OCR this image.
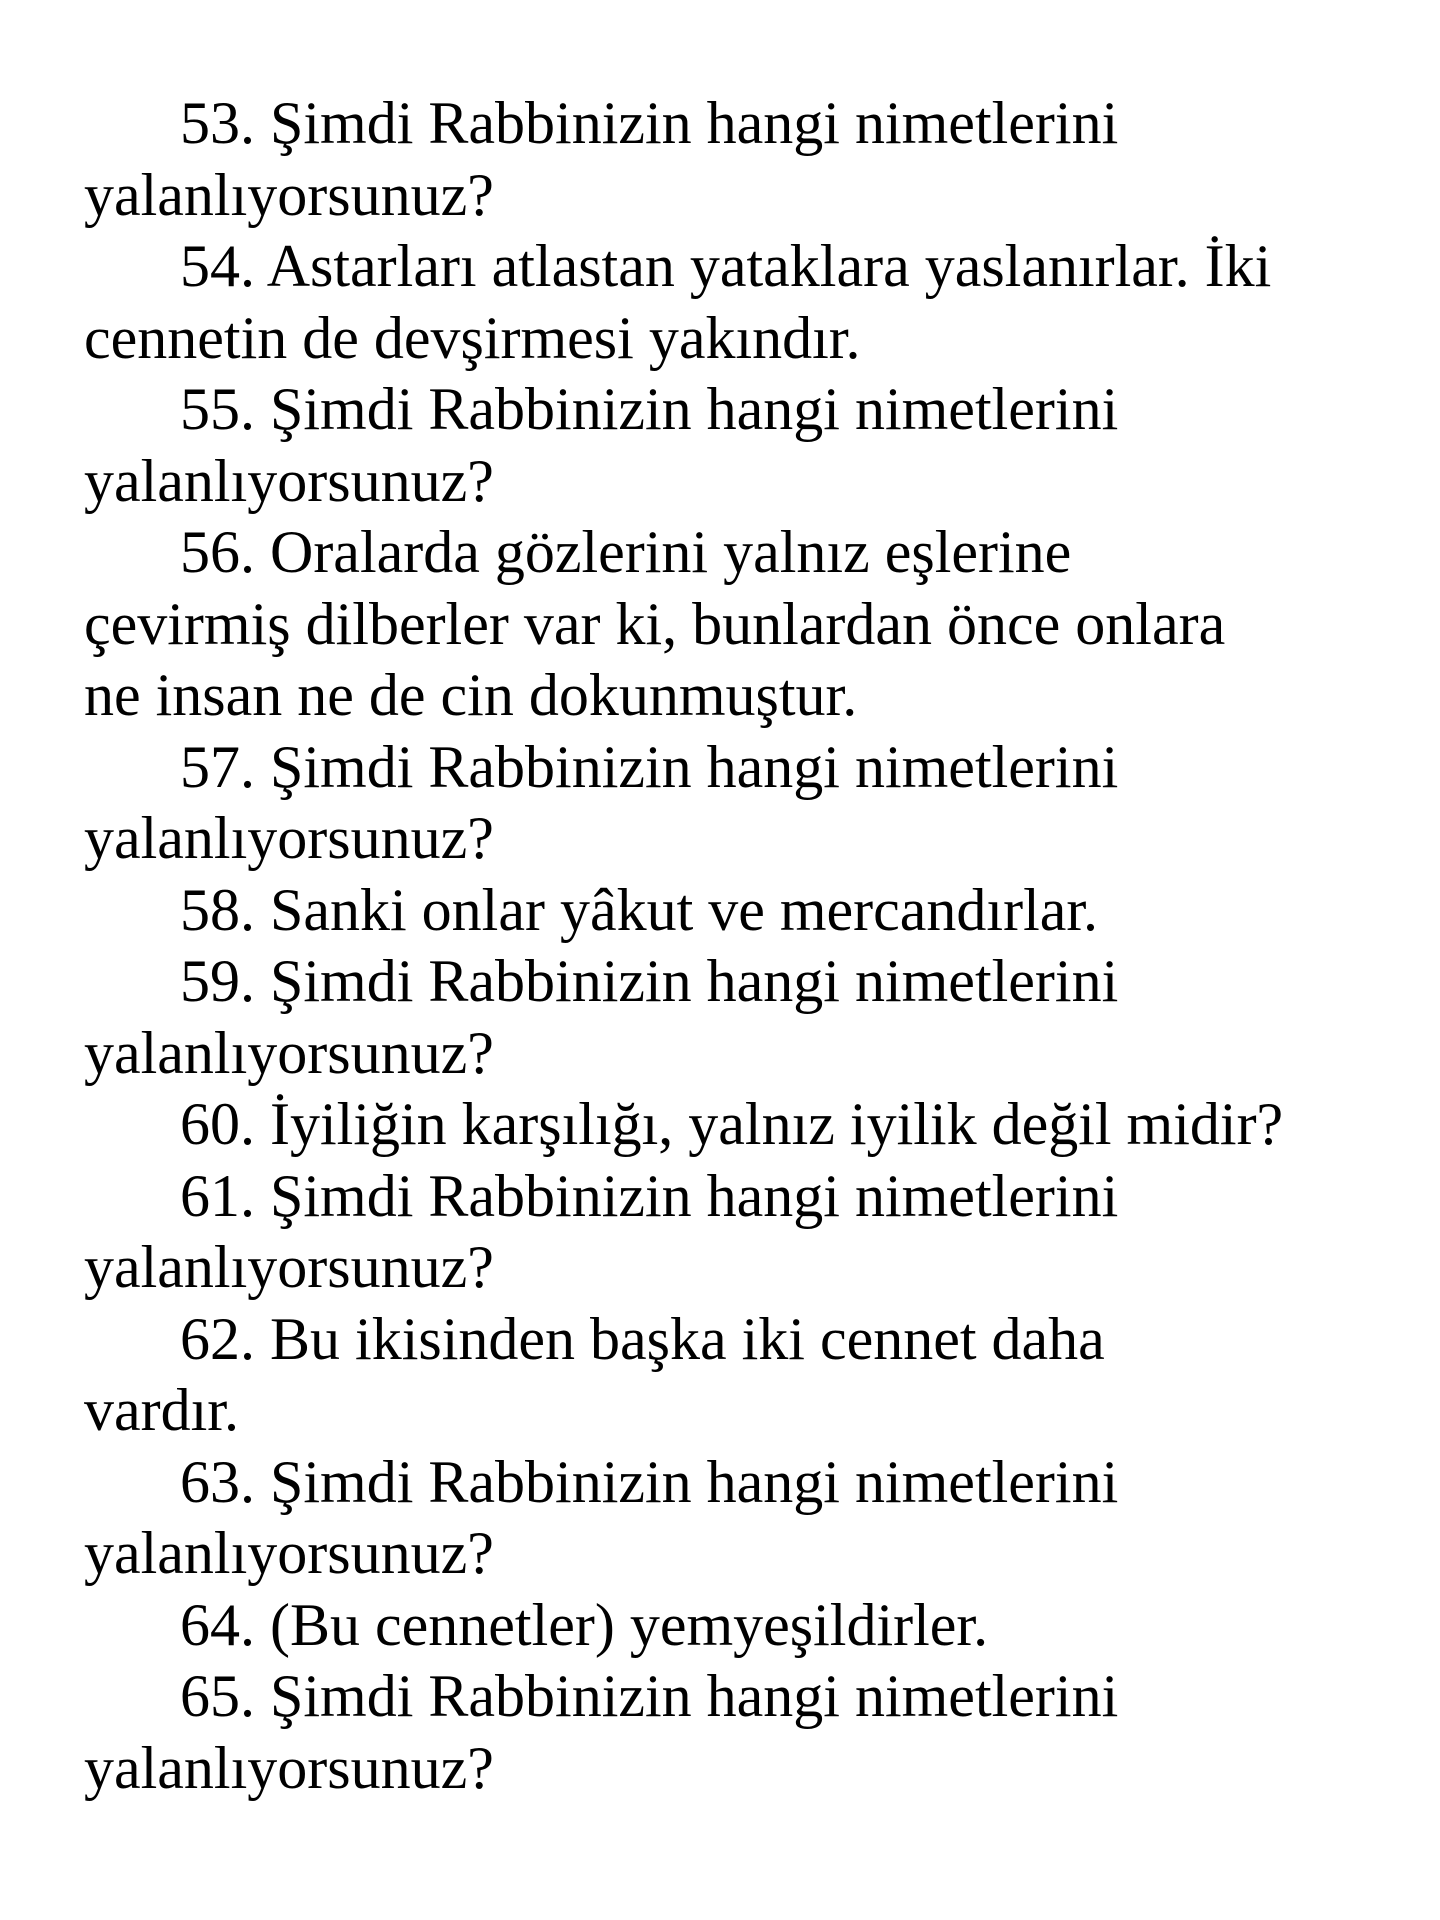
53. Şimdi Rabbinizin hangi nimetlerini
yalanlıyorsunuz?
54. Astarları atlastan yataklara yaslanırlar. İki
cennetin de devşirmesi yakındır.
55. Şimdi Rabbinizin hangi nimetlerini
yalanlıyorsunuz?
56. Oralarda gözlerini yalnız eşlerine
çevirmiş dilberler var ki, bunlardan önce onlara
ne insan ne de cin dokunmuştur.
57. Şimdi Rabbinizin hangi nimetlerini
yalanlıyorsunuz?
58. Sanki onlar yâkut ve mercandırlar.
59. Şimdi Rabbinizin hangi nimetlerini
yalanlıyorsunuz?
60. İyiliğin karşılığı, yalnız iyilik değil midir?
61. Şimdi Rabbinizin hangi nimetlerini
yalanlıyorsunuz?
62. Bu ikisinden başka iki cennet daha
vardır.
63. Şimdi Rabbinizin hangi nimetlerini
yalanlıyorsunuz?
64. (Bu cennetler) yemyeşildirler.
65. Şimdi Rabbinizin hangi nimetlerini
yalanlıyorsunuz?
